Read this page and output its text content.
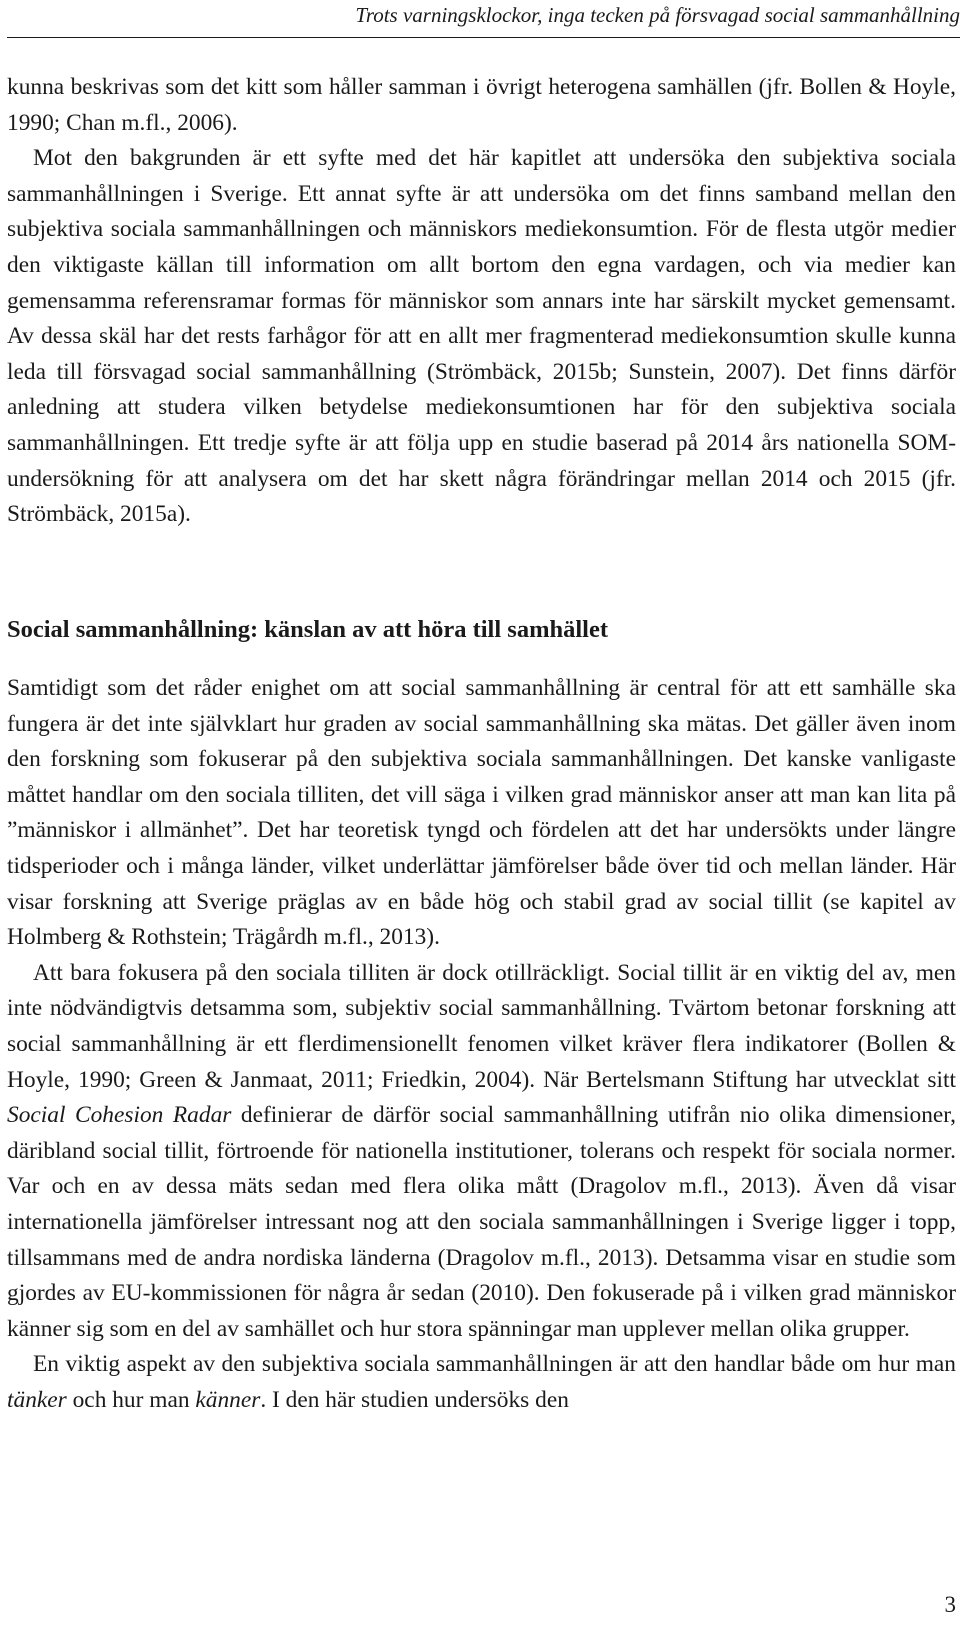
Trots varningsklockor, inga tecken på försvagad social sammanhållning

kunna beskrivas som det kitt som håller samman i övrigt heterogena samhällen (jfr. Bollen & Hoyle, 1990; Chan m.fl., 2006).

Mot den bakgrunden är ett syfte med det här kapitlet att undersöka den subjektiva sociala sammanhållningen i Sverige. Ett annat syfte är att undersöka om det finns samband mellan den subjektiva sociala sammanhållningen och människors mediekonsumtion. För de flesta utgör medier den viktigaste källan till information om allt bortom den egna vardagen, och via medier kan gemensamma referensramar formas för människor som annars inte har särskilt mycket gemensamt. Av dessa skäl har det rests farhågor för att en allt mer fragmenterad mediekonsumtion skulle kunna leda till försvagad social sammanhållning (Strömbäck, 2015b; Sunstein, 2007). Det finns därför anledning att studera vilken betydelse mediekonsumtionen har för den subjektiva sociala sammanhållningen. Ett tredje syfte är att följa upp en studie baserad på 2014 års nationella SOM-undersökning för att analysera om det har skett några förändringar mellan 2014 och 2015 (jfr. Strömbäck, 2015a).

Social sammanhållning: känslan av att höra till samhället

Samtidigt som det råder enighet om att social sammanhållning är central för att ett samhälle ska fungera är det inte självklart hur graden av social sammanhållning ska mätas. Det gäller även inom den forskning som fokuserar på den subjektiva sociala sammanhållningen. Det kanske vanligaste måttet handlar om den sociala tilliten, det vill säga i vilken grad människor anser att man kan lita på ”människor i allmänhet”. Det har teoretisk tyngd och fördelen att det har undersökts under längre tidsperioder och i många länder, vilket underlättar jämförelser både över tid och mellan länder. Här visar forskning att Sverige präglas av en både hög och stabil grad av social tillit (se kapitel av Holmberg & Rothstein; Trägårdh m.fl., 2013).

Att bara fokusera på den sociala tilliten är dock otillräckligt. Social tillit är en viktig del av, men inte nödvändigtvis detsamma som, subjektiv social sammanhållning. Tvärtom betonar forskning att social sammanhållning är ett flerdimensionellt fenomen vilket kräver flera indikatorer (Bollen & Hoyle, 1990; Green & Janmaat, 2011; Friedkin, 2004). När Bertelsmann Stiftung har utvecklat sitt Social Cohesion Radar definierar de därför social sammanhållning utifrån nio olika dimensioner, däribland social tillit, förtroende för nationella institutioner, tolerans och respekt för sociala normer. Var och en av dessa mäts sedan med flera olika mått (Dragolov m.fl., 2013). Även då visar internationella jämförelser intressant nog att den sociala sammanhållningen i Sverige ligger i topp, tillsammans med de andra nordiska länderna (Dragolov m.fl., 2013). Detsamma visar en studie som gjordes av EU-kommissionen för några år sedan (2010). Den fokuserade på i vilken grad människor känner sig som en del av samhället och hur stora spänningar man upplever mellan olika grupper.

En viktig aspekt av den subjektiva sociala sammanhållningen är att den handlar både om hur man tänker och hur man känner. I den här studien undersöks den

3
